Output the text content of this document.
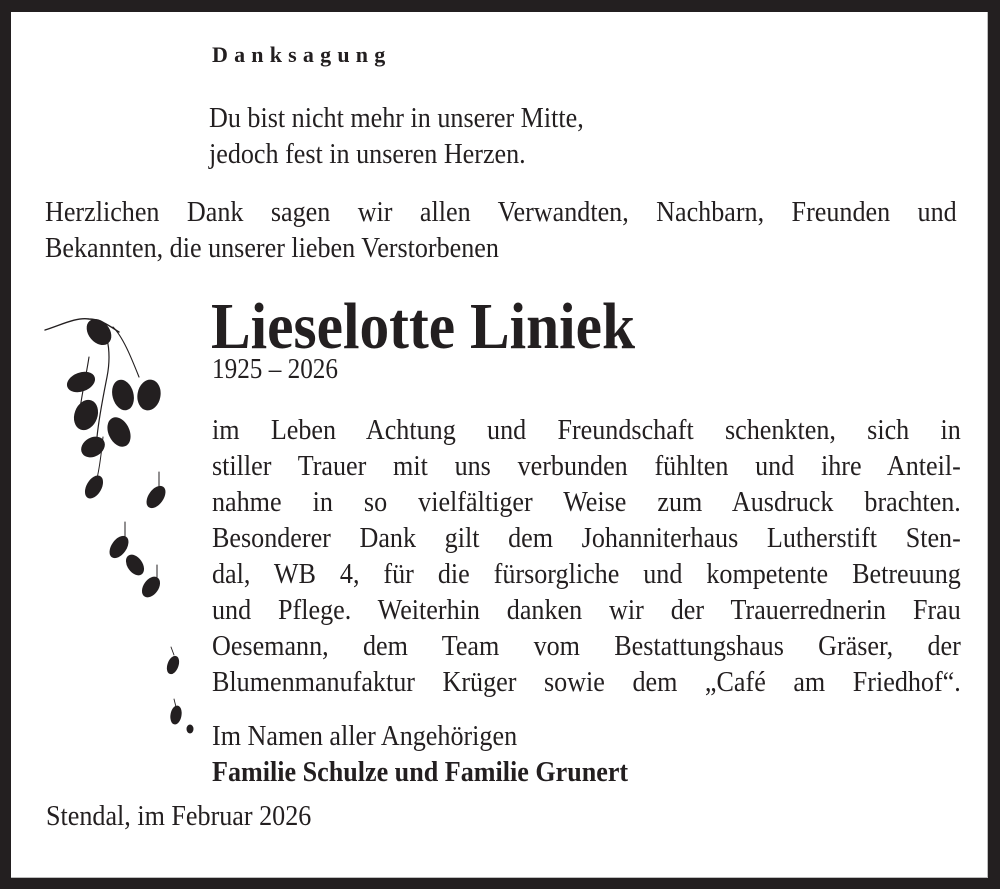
Danksagung
Du bist nicht mehr in unserer Mitte,
jedoch fest in unseren Herzen.
Herzlichen Dank sagen wir allen Verwandten, Nachbarn, Freunden und
Bekannten, die unserer lieben Verstorbenen
Lieselotte Liniek
1925 – 2026
im Leben Achtung und Freundschaft schenkten, sich in
stiller Trauer mit uns verbunden fühlten und ihre Anteil-
nahme in so vielfältiger Weise zum Ausdruck brachten.
Besonderer Dank gilt dem Johanniterhaus Lutherstift Sten-
dal, WB 4, für die fürsorgliche und kompetente Betreuung
und Pflege. Weiterhin danken wir der Trauerrednerin Frau
Oesemann, dem Team vom Bestattungshaus Gräser, der
Blumenmanufaktur Krüger sowie dem „Café am Friedhof“.
Im Namen aller Angehörigen
Familie Schulze und Familie Grunert
Stendal, im Februar 2026
